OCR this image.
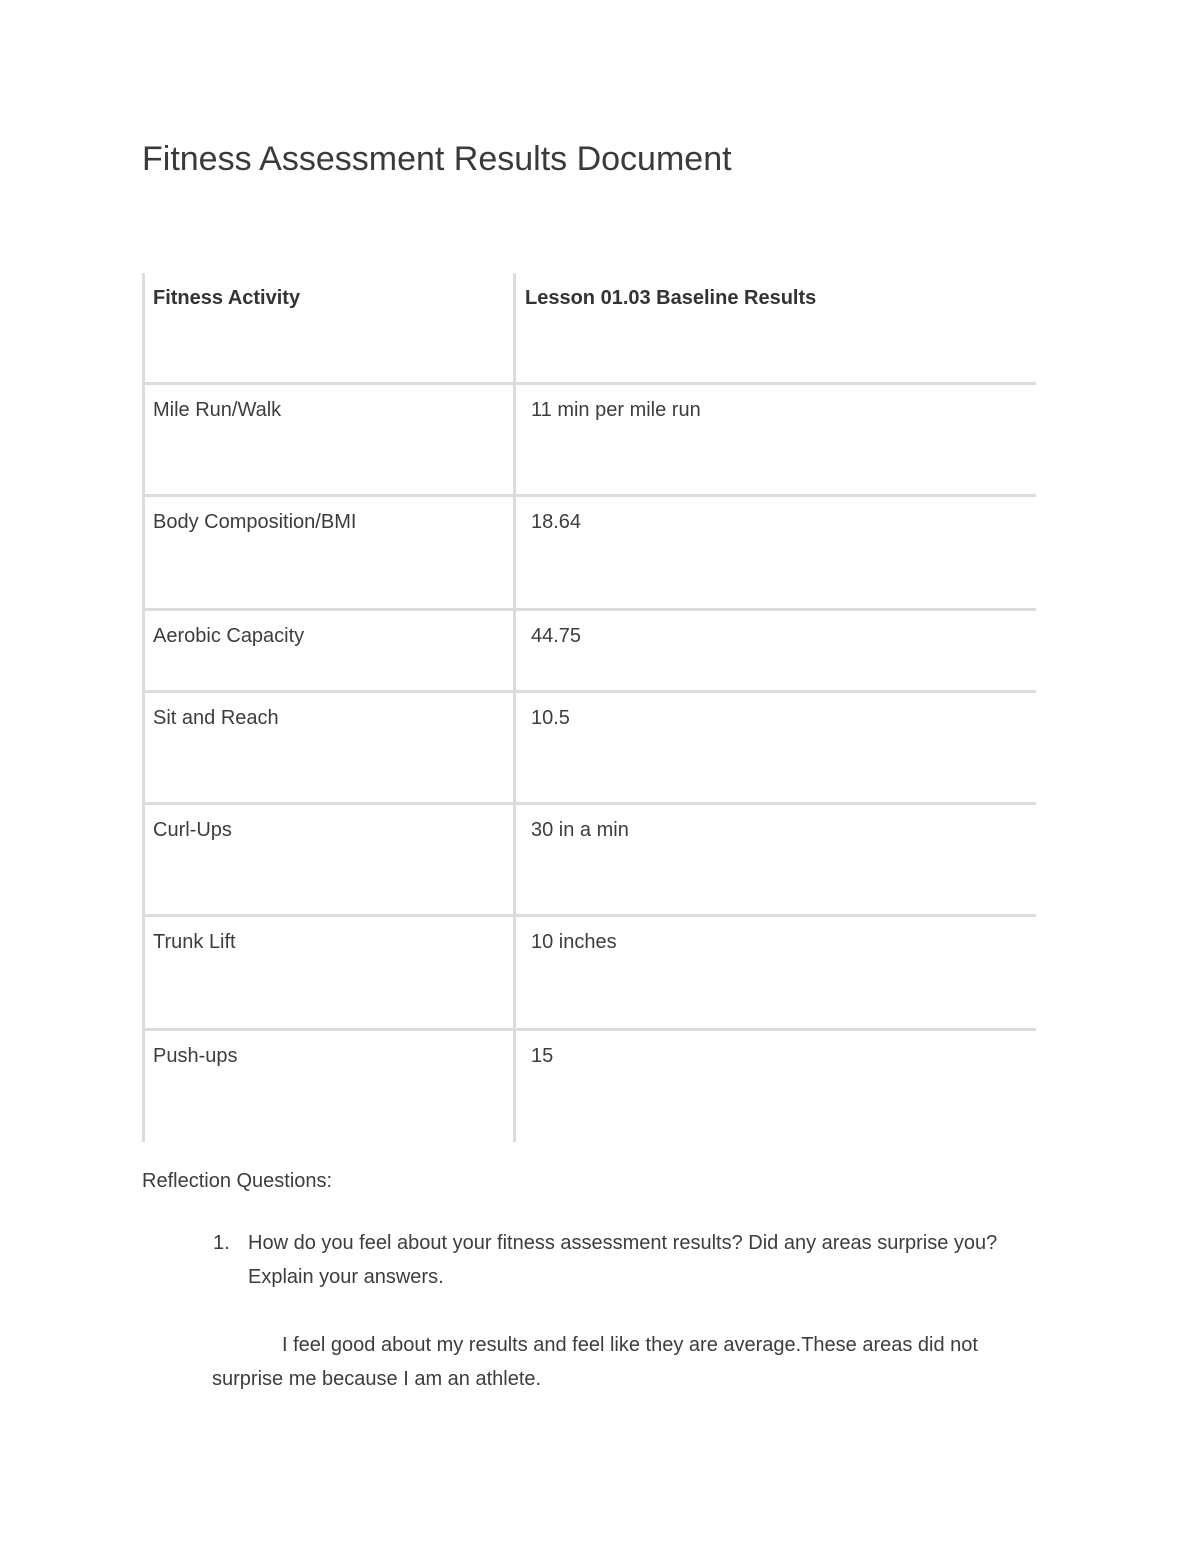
Fitness Assessment Results Document
Fitness Activity	Lesson 01.03 Baseline Results
Mile Run/Walk	11 min per mile run
Body Composition/BMI	18.64
Aerobic Capacity	44.75
Sit and Reach	10.5
Curl-Ups	30 in a min
Trunk Lift	10 inches
Push-ups	15

Reflection Questions:

1. How do you feel about your fitness assessment results? Did any areas surprise you? Explain your answers.

I feel good about my results and feel like they are average.These areas did not surprise me because I am an athlete.
